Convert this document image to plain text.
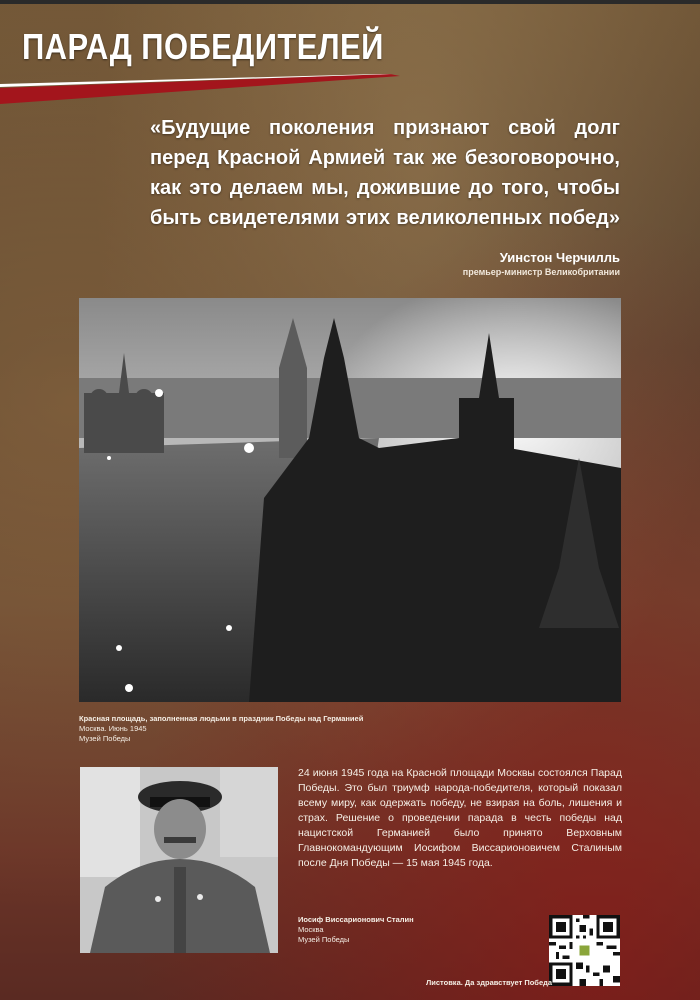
ПАРАД ПОБЕДИТЕЛЕЙ

«Будущие поколения признают свой долг перед Красной Армией так же безоговорочно, как это делаем мы, дожившие до того, чтобы быть свидетелями этих великолепных побед»

Уинстон Черчилль

премьер-министр Великобритании

Красная площадь, заполненная людьми в праздник Победы над Германией
Москва. Июнь 1945
Музей Победы

24 июня 1945 года на Красной площади Москвы состоялся Парад Победы. Это был триумф народа-победителя, который показал всему миру, как одержать победу, не взирая на боль, лишения и страх. Решение о проведении парада в честь победы над нацистской Германией было принято Верховным Главнокомандующим Иосифом Виссарионовичем Сталиным после Дня Победы — 15 мая 1945 года.

Иосиф Виссарионович Сталин
Москва
Музей Победы
Листовка. Да здравствует Победа
